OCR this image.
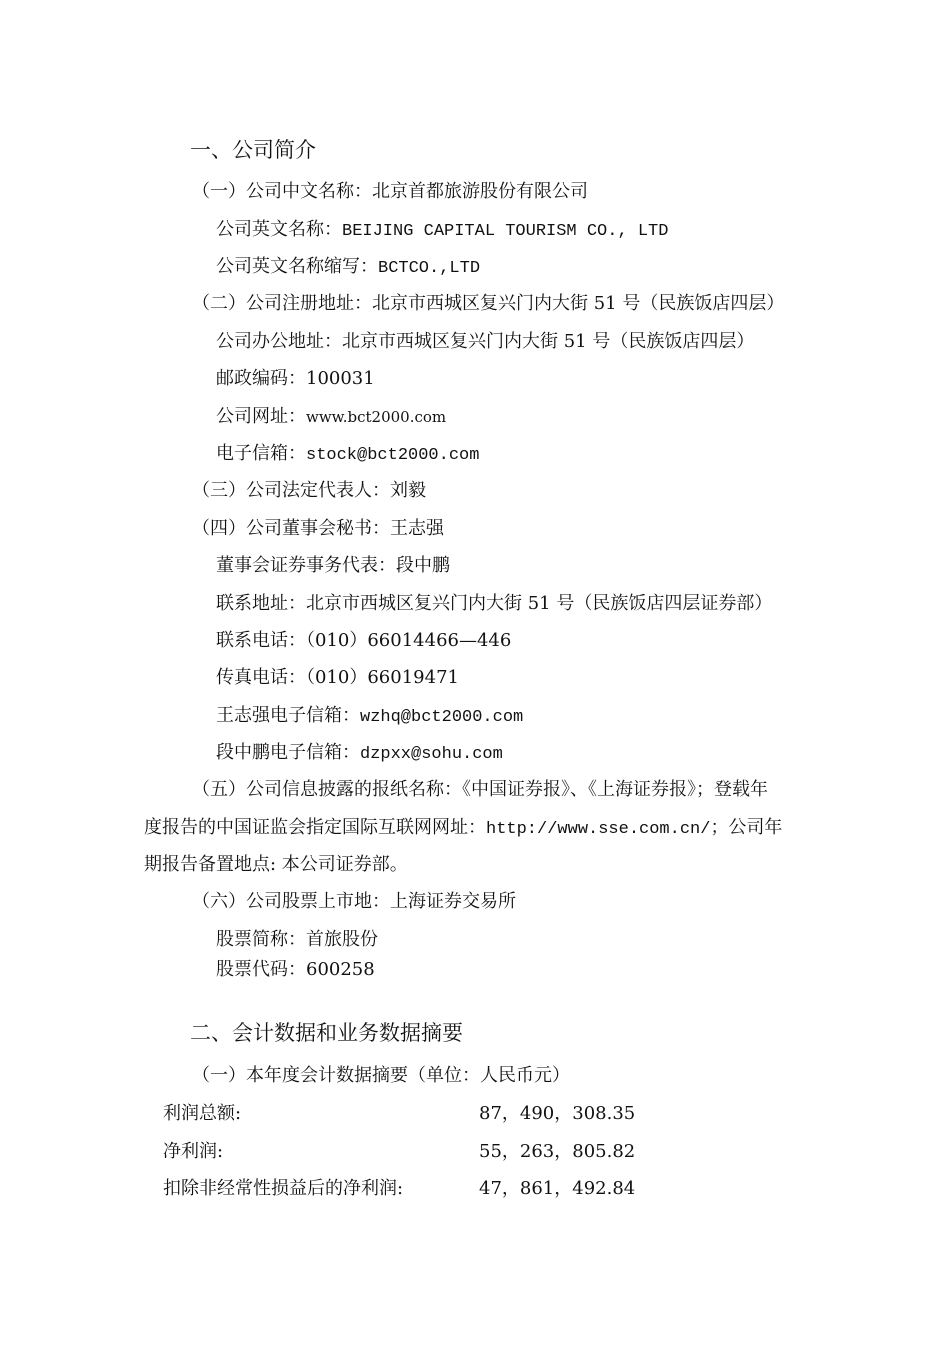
一、公司简介
（一）公司中文名称：北京首都旅游股份有限公司
公司英文名称：BEIJING CAPITAL TOURISM CO., LTD
公司英文名称缩写：BCTCO.,LTD
（二）公司注册地址：北京市西城区复兴门内大街 51 号（民族饭店四层）
公司办公地址：北京市西城区复兴门内大街 51 号（民族饭店四层）
邮政编码：100031
公司网址：www.bct2000.com
电子信箱：stock@bct2000.com
（三）公司法定代表人：刘毅
（四）公司董事会秘书：王志强
董事会证券事务代表：段中鹏
联系地址：北京市西城区复兴门内大街 51 号（民族饭店四层证券部）
联系电话：（010）66014466—446
传真电话：（010）66019471
王志强电子信箱：wzhq@bct2000.com
段中鹏电子信箱：dzpxx@sohu.com
（五）公司信息披露的报纸名称：《中国证券报》、《上海证券报》；登载年
度报告的中国证监会指定国际互联网网址：http://www.sse.com.cn/；公司年
期报告备置地点: 本公司证券部。
（六）公司股票上市地：上海证券交易所
股票简称：首旅股份
股票代码：600258
二、会计数据和业务数据摘要
（一）本年度会计数据摘要（单位：人民币元）
利润总额:	87，490，308.35
净利润:	55，263，805.82
扣除非经常性损益后的净利润:	47，861，492.84
